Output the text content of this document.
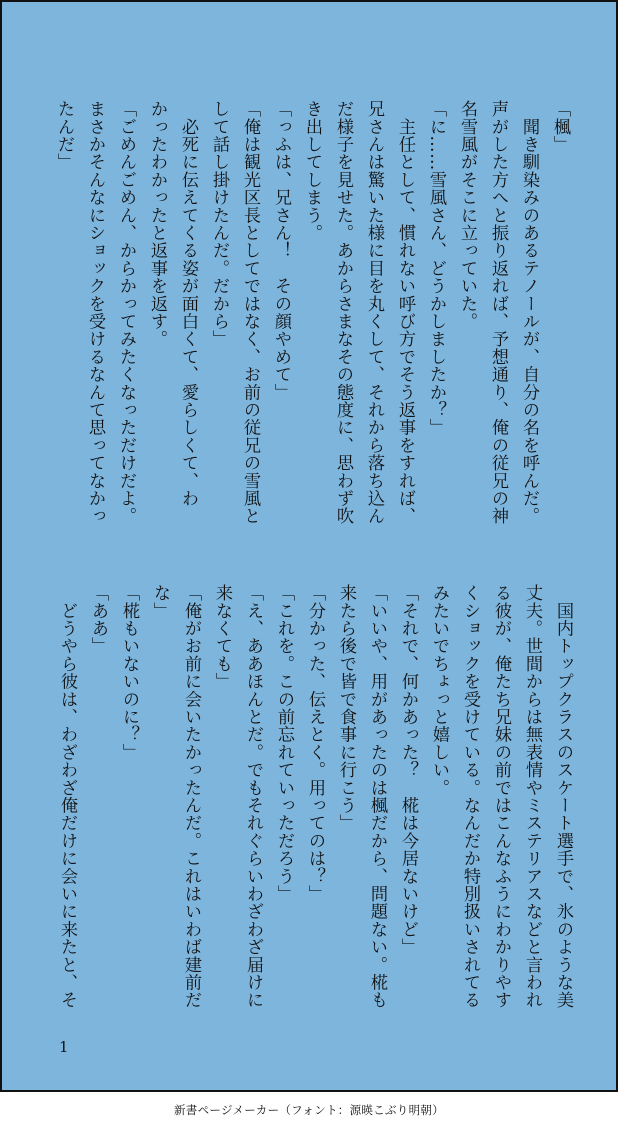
「楓」
　聞き馴染みのあるテノールが、自分の名を呼んだ。
声がした方へと振り返れば、予想通り、俺の従兄の神
名雪風がそこに立っていた。
「に……雪風さん、どうかしましたか？」
　主任として、慣れない呼び方でそう返事をすれば、
兄さんは驚いた様に目を丸くして、それから落ち込ん
だ様子を見せた。あからさまなその態度に、思わず吹
き出してしまう。
「っふは、兄さん！　その顔やめて」
「俺は観光区長としてではなく、お前の従兄の雪風と
して話し掛けたんだ。だから」
　必死に伝えてくる姿が面白くて、愛らしくて、わ
かったわかったと返事を返す。
「ごめんごめん、からかってみたくなっただけだよ。
まさかそんなにショックを受けるなんて思ってなかっ
たんだ」
　国内トップクラスのスケート選手で、氷のような美
丈夫。世間からは無表情やミステリアスなどと言われ
る彼が、俺たち兄妹の前ではこんなふうにわかりやす
くショックを受けている。なんだか特別扱いされてる
みたいでちょっと嬉しい。
「それで、何かあった？　椛は今居ないけど」
「いいや、用があったのは楓だから、問題ない。椛も
来たら後で皆で食事に行こう」
「分かった、伝えとく。用ってのは？」
「これを。この前忘れていっただろう」
「え、ああほんとだ。でもそれぐらいわざわざ届けに
来なくても」
「俺がお前に会いたかったんだ。これはいわば建前だ
な」
「椛もいないのに？」
「ああ」
　どうやら彼は、わざわざ俺だけに会いに来たと、そ
1
新書ページメーカー（フォント：源暎こぶり明朝）
